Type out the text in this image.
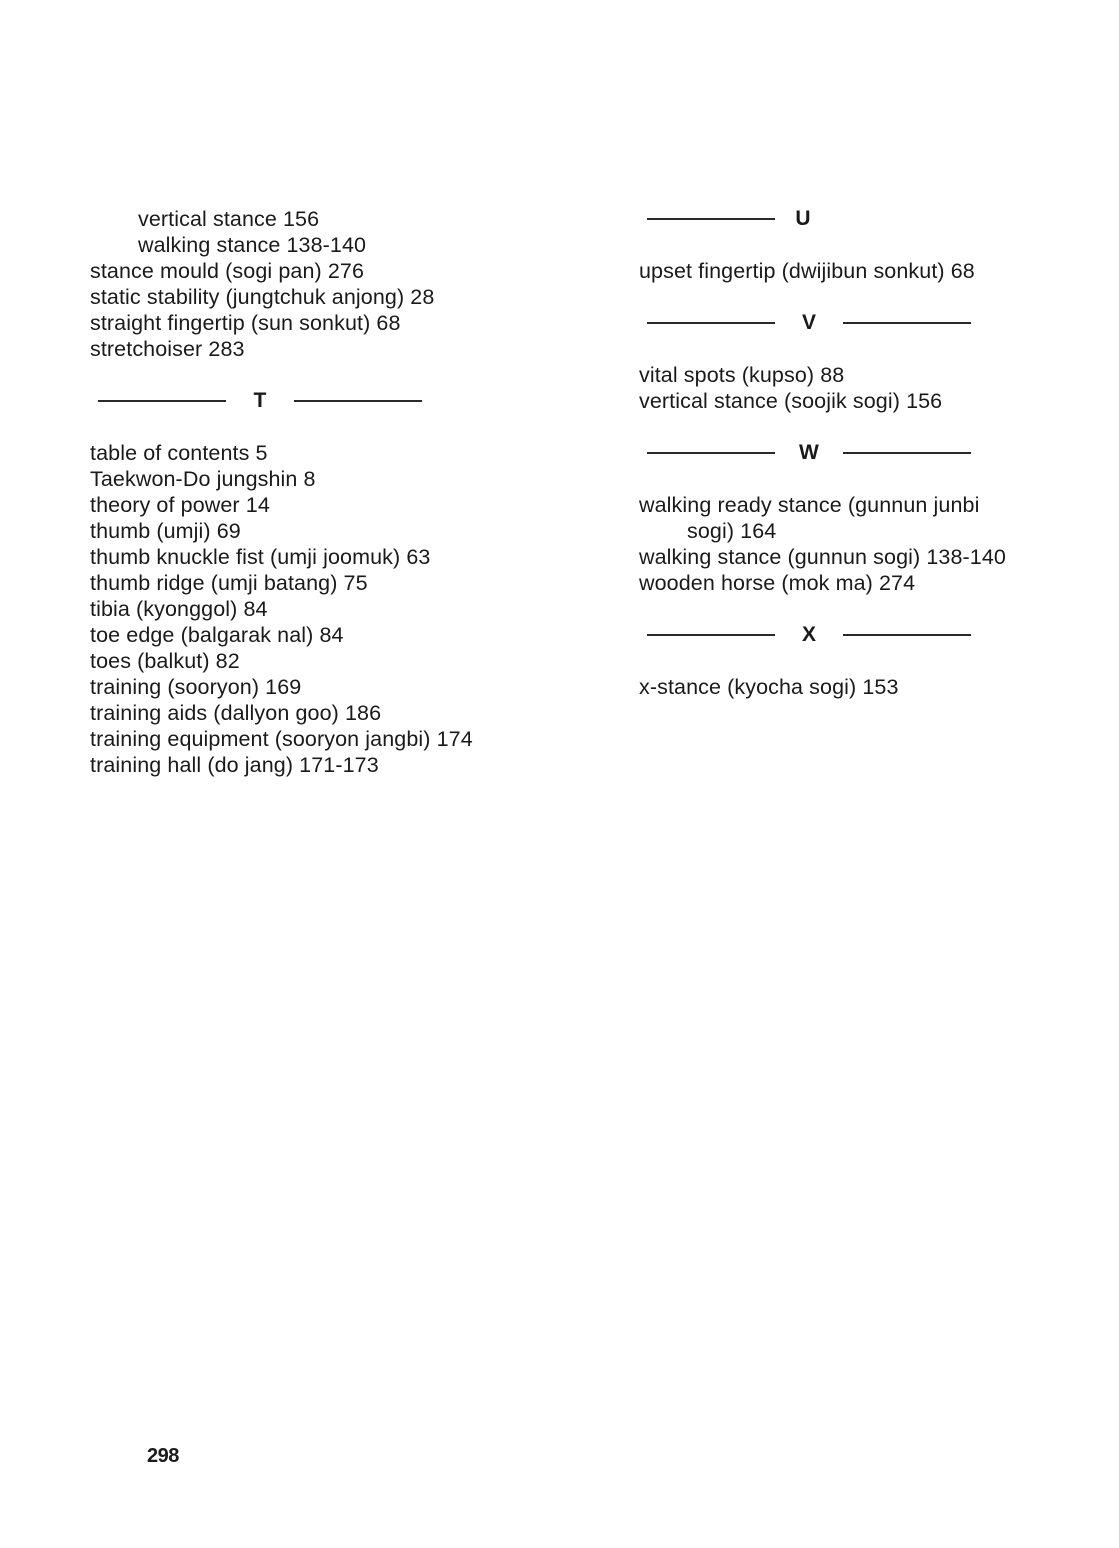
vertical stance 156
walking stance 138-140
stance mould (sogi pan) 276
static stability (jungtchuk anjong) 28
straight fingertip (sun sonkut) 68
stretchoiser 283
T
table of contents 5
Taekwon-Do jungshin 8
theory of power 14
thumb (umji) 69
thumb knuckle fist (umji joomuk) 63
thumb ridge (umji batang) 75
tibia (kyonggol) 84
toe edge (balgarak nal) 84
toes (balkut) 82
training (sooryon) 169
training aids (dallyon goo) 186
training equipment (sooryon jangbi) 174
training hall (do jang) 171-173
U
upset fingertip (dwijibun sonkut) 68
V
vital spots (kupso) 88
vertical stance (soojik sogi) 156
W
walking ready stance (gunnun junbi
sogi) 164
walking stance (gunnun sogi) 138-140
wooden horse (mok ma) 274
X
x-stance (kyocha sogi) 153
298
